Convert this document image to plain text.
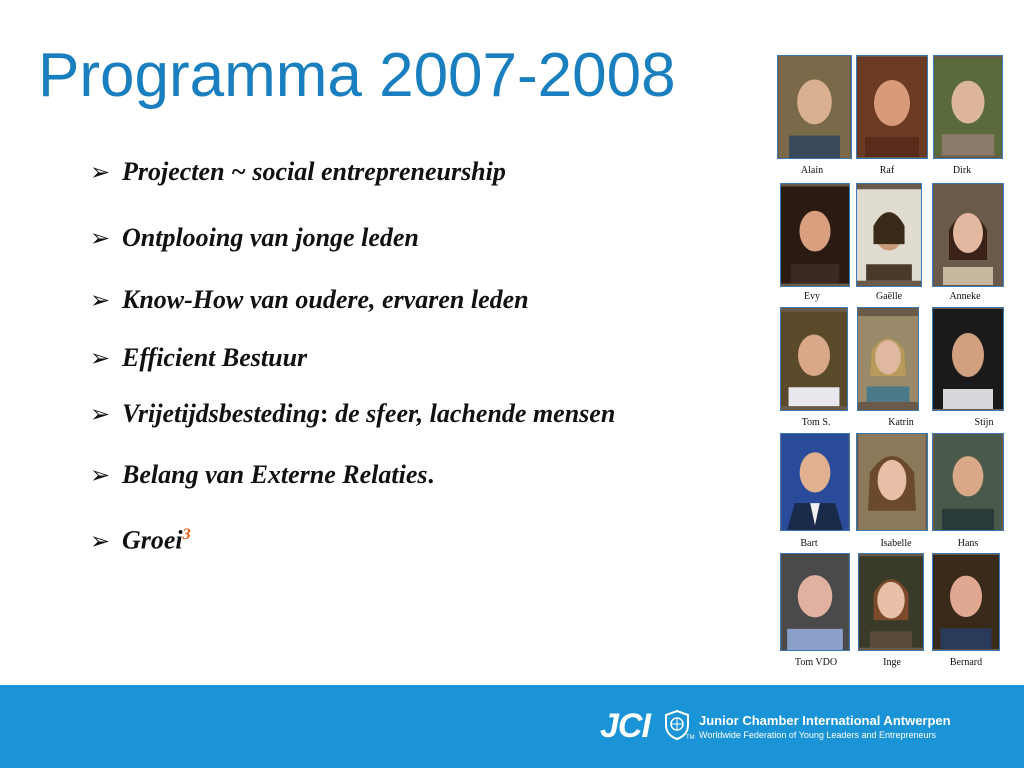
Programma 2007-2008
➢ Projecten ~ social entrepreneurship
➢ Ontplooing van jonge leden
➢ Know-How van oudere, ervaren leden
➢ Efficient Bestuur
➢ Vrijetijdsbesteding: de sfeer, lachende mensen
➢ Belang van Externe Relaties.
➢ Groei$^3$
Alain	Raf	Dirk
Evy	Gaëlle	Anneke
Tom S.	Katrin	Stijn
Bart	Isabelle	Hans
Tom VDO	Inge	Bernard
JCI	TM
Junior Chamber International Antwerpen
Worldwide Federation of Young Leaders and Entrepreneurs
